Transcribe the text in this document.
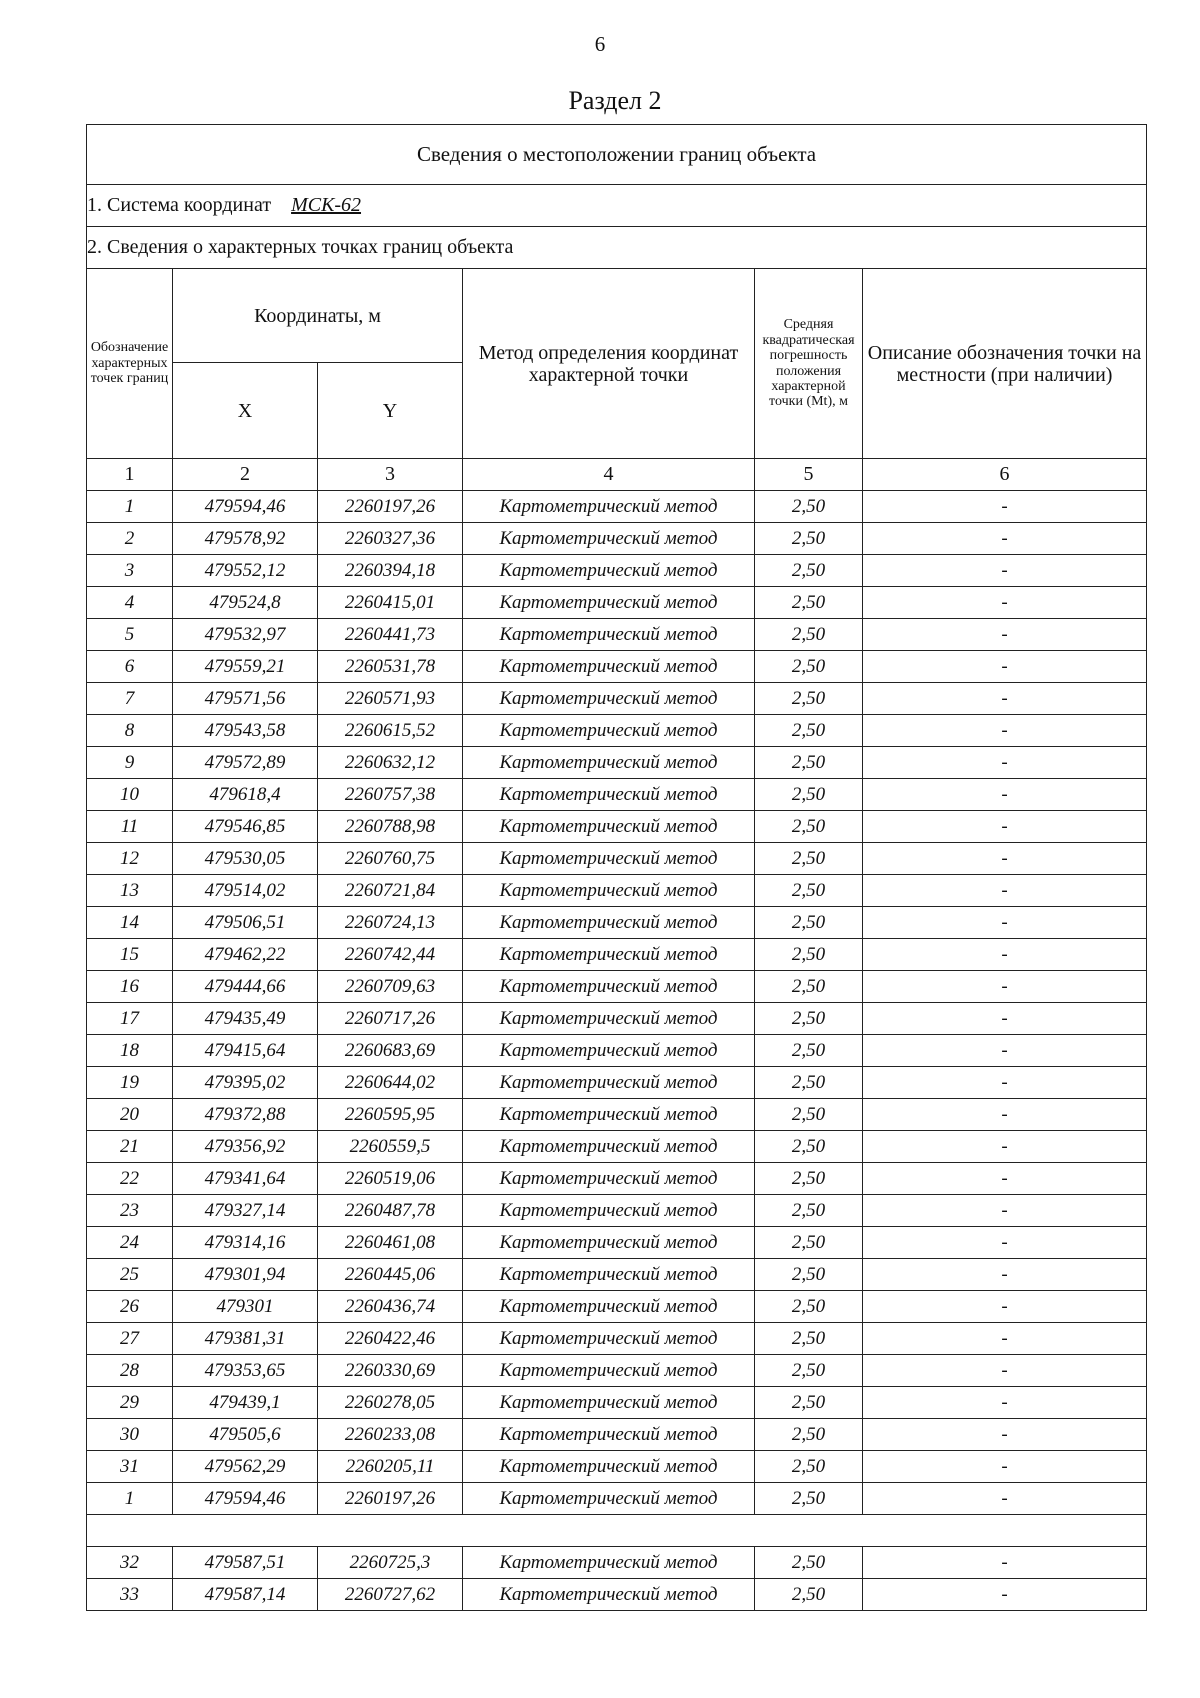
6
Раздел 2
Сведения о местоположении границ объекта					
1. Система координат МСК-62					
2. Сведения о характерных точках границ объекта					
Обозначение характерных точек границ	Координаты, м		Метод определения координат характерной точки	Средняя квадратическая погрешность положения характерной точки (Mt), м	Описание обозначения точки на местности (при наличии)
	X	Y			
1	2	3	4	5	6
1	479594,46	2260197,26	Картометрический метод	2,50	-
2	479578,92	2260327,36	Картометрический метод	2,50	-
3	479552,12	2260394,18	Картометрический метод	2,50	-
4	479524,8	2260415,01	Картометрический метод	2,50	-
5	479532,97	2260441,73	Картометрический метод	2,50	-
6	479559,21	2260531,78	Картометрический метод	2,50	-
7	479571,56	2260571,93	Картометрический метод	2,50	-
8	479543,58	2260615,52	Картометрический метод	2,50	-
9	479572,89	2260632,12	Картометрический метод	2,50	-
10	479618,4	2260757,38	Картометрический метод	2,50	-
11	479546,85	2260788,98	Картометрический метод	2,50	-
12	479530,05	2260760,75	Картометрический метод	2,50	-
13	479514,02	2260721,84	Картометрический метод	2,50	-
14	479506,51	2260724,13	Картометрический метод	2,50	-
15	479462,22	2260742,44	Картометрический метод	2,50	-
16	479444,66	2260709,63	Картометрический метод	2,50	-
17	479435,49	2260717,26	Картометрический метод	2,50	-
18	479415,64	2260683,69	Картометрический метод	2,50	-
19	479395,02	2260644,02	Картометрический метод	2,50	-
20	479372,88	2260595,95	Картометрический метод	2,50	-
21	479356,92	2260559,5	Картометрический метод	2,50	-
22	479341,64	2260519,06	Картометрический метод	2,50	-
23	479327,14	2260487,78	Картометрический метод	2,50	-
24	479314,16	2260461,08	Картометрический метод	2,50	-
25	479301,94	2260445,06	Картометрический метод	2,50	-
26	479301	2260436,74	Картометрический метод	2,50	-
27	479381,31	2260422,46	Картометрический метод	2,50	-
28	479353,65	2260330,69	Картометрический метод	2,50	-
29	479439,1	2260278,05	Картометрический метод	2,50	-
30	479505,6	2260233,08	Картометрический метод	2,50	-
31	479562,29	2260205,11	Картометрический метод	2,50	-
1	479594,46	2260197,26	Картометрический метод	2,50	-

32	479587,51	2260725,3	Картометрический метод	2,50	-
33	479587,14	2260727,62	Картометрический метод	2,50	-
